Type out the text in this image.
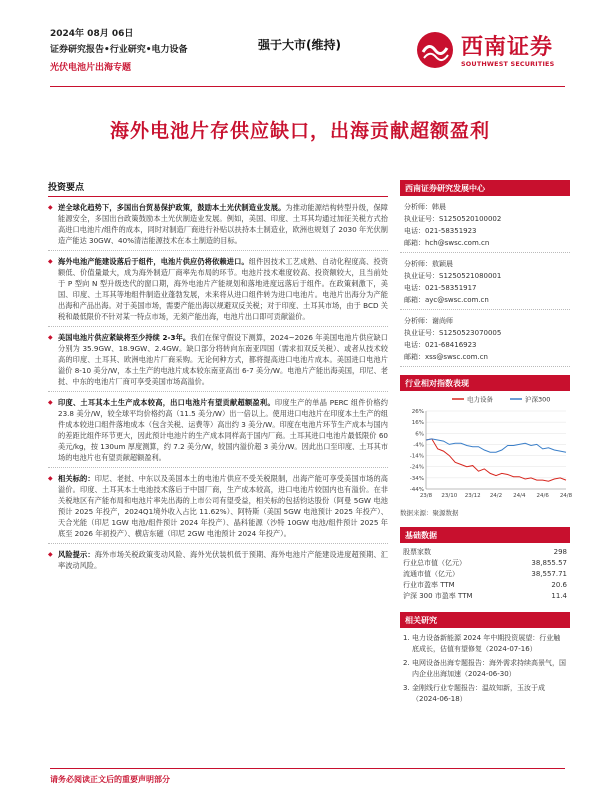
2024年 08月 06日
证券研究报告•行业研究•电力设备
光伏电池片出海专题
强于大市(维持)	西南证券
SOUTHWEST SECURITIES
海外电池片存供应缺口，出海贡献超额盈利
投资要点
◆ 逆全球化趋势下，多国出台贸易保护政策，鼓励本土光伏制造业发展。为推动能源结构转型升级，保障能源安全，多国出台政策鼓励本土光伏制造业发展。例如，美国、印度、土耳其均通过加征关税方式抬高进口电池片/组件的成本，同时对制造厂商进行补贴以扶持本土制造业，欧洲也规划了 2030 年光伏制造产能达 30GW、40%清洁能源技术在本土制造的目标。
◆ 海外电池产能建设落后于组件，电池片供应仍将依赖进口。组件因技术工艺成熟、自动化程度高、投资额低、价值量最大，成为海外制造厂商率先布局的环节。电池片技术难度较高、投资额较大，且当前处于 P 型向 N 型升级迭代的窗口期，海外电池片产能规划和落地进度远落后于组件。在政策刺激下，美国、印度、土耳其等地组件制造业蓬勃发展，未来将从进口组件转为进口电池片。电池片出海分为产能出海和产品出海。对于美国市场，需要产能出海以规避双反关税；对于印度、土耳其市场，由于 BCD 关税和最低限价不针对某一特点市场，无须产能出海，电池片出口即可贡献溢价。
◆ 美国电池片供应紧缺将至少持续 2-3年。我们在保守假设下测算，2024~2026 年美国电池片供应缺口分别为 35.9GW、18.9GW、2.4GW。缺口部分将转向东南亚四国（需求扣双反关税）、或者从技术较高的印度、土耳其、欧洲电池片厂商采购。无论何种方式，都将提高进口电池片成本。美国进口电池片溢价 8-10 美分/W，本土生产的电池片成本较东南亚高出 6-7 美分/W。电池片产能出海美国，印尼、老挝、中东的电池片厂商可享受美国市场高溢价。
◆ 印度、土耳其本土生产成本较高，出口电池片有望贡献超额盈利。印度生产的单晶 PERC 组件价格约 23.8 美分/W，较全球平均价格约高（11.5 美分/W）出一倍以上。使用进口电池片在印度本土生产的组件成本较进口组件落地成本（包含关税、运费等）高出约 3 美分/W。印度在电池片环节生产成本与国内的差距比组件环节更大，因此预计电池片的生产成本同样高于国内厂商。土耳其进口电池片最低限价 60 美元/kg，按 130um 厚度测算，约 7.2 美分/W，较国内溢价超 3 美分/W。因此出口至印度、土耳其市场的电池片也有望贡献超额盈利。
◆ 相关标的：印尼、老挝、中东以及美国本土的电池片供应不受关税限制，出海产能可享受美国市场的高溢价。印度、土耳其本土电池技术落后于中国厂商，生产成本较高，进口电池片较国内也有溢价。在非关税地区有产能布局和电池片率先出海的上市公司有望受益，相关标的包括钧达股份（阿曼 5GW 电池预计 2025 年投产，2024Q1境外收入占比 11.62%）、阿特斯（美国 5GW 电池预计 2025 年投产）、天合光能（印尼 1GW 电池/组件预计 2024 年投产）、晶科能源（沙特 10GW 电池/组件预计 2025 年底至 2026 年初投产）、横店东磁（印尼 2GW 电池预计 2024 年投产）。
◆ 风险提示：海外市场关税政策变动风险、海外光伏装机低于预期、海外电池片产能建设进度超预期、汇率波动风险。
西南证券研究发展中心
分析师：韩晨
执业证号：S1250520100002
电话：021-58351923
邮箱：hch@swsc.com.cn
分析师：敖颖晨
执业证号：S1250521080001
电话：021-58351917
邮箱：ayc@swsc.com.cn
分析师：谢尚师
执业证号：S1250523070005
电话：021-68416923
邮箱：xss@swsc.com.cn
行业相对指数表现
电力设备	沪深300
26%
16%
6%
-4%
-14%
-24%
-34%
-44%
23/8 23/10 23/12 24/2 24/4 24/6 24/8
数据来源：聚源数据
基础数据
股票家数	298
行业总市值（亿元）	38,855.57
流通市值（亿元）	38,557.71
行业市盈率 TTM	20.6
沪深 300 市盈率 TTM	11.4
相关研究
1. 电力设备新能源 2024 年中期投资展望：行业触底成长，估值有望修复（2024-07-16）
2. 电网设备出海专题报告：海外需求持续高景气，国内企业出海加速（2024-06-30）
3. 金刚线行业专题报告：温故知新，玉汝于成（2024-06-18）
请务必阅读正文后的重要声明部分
